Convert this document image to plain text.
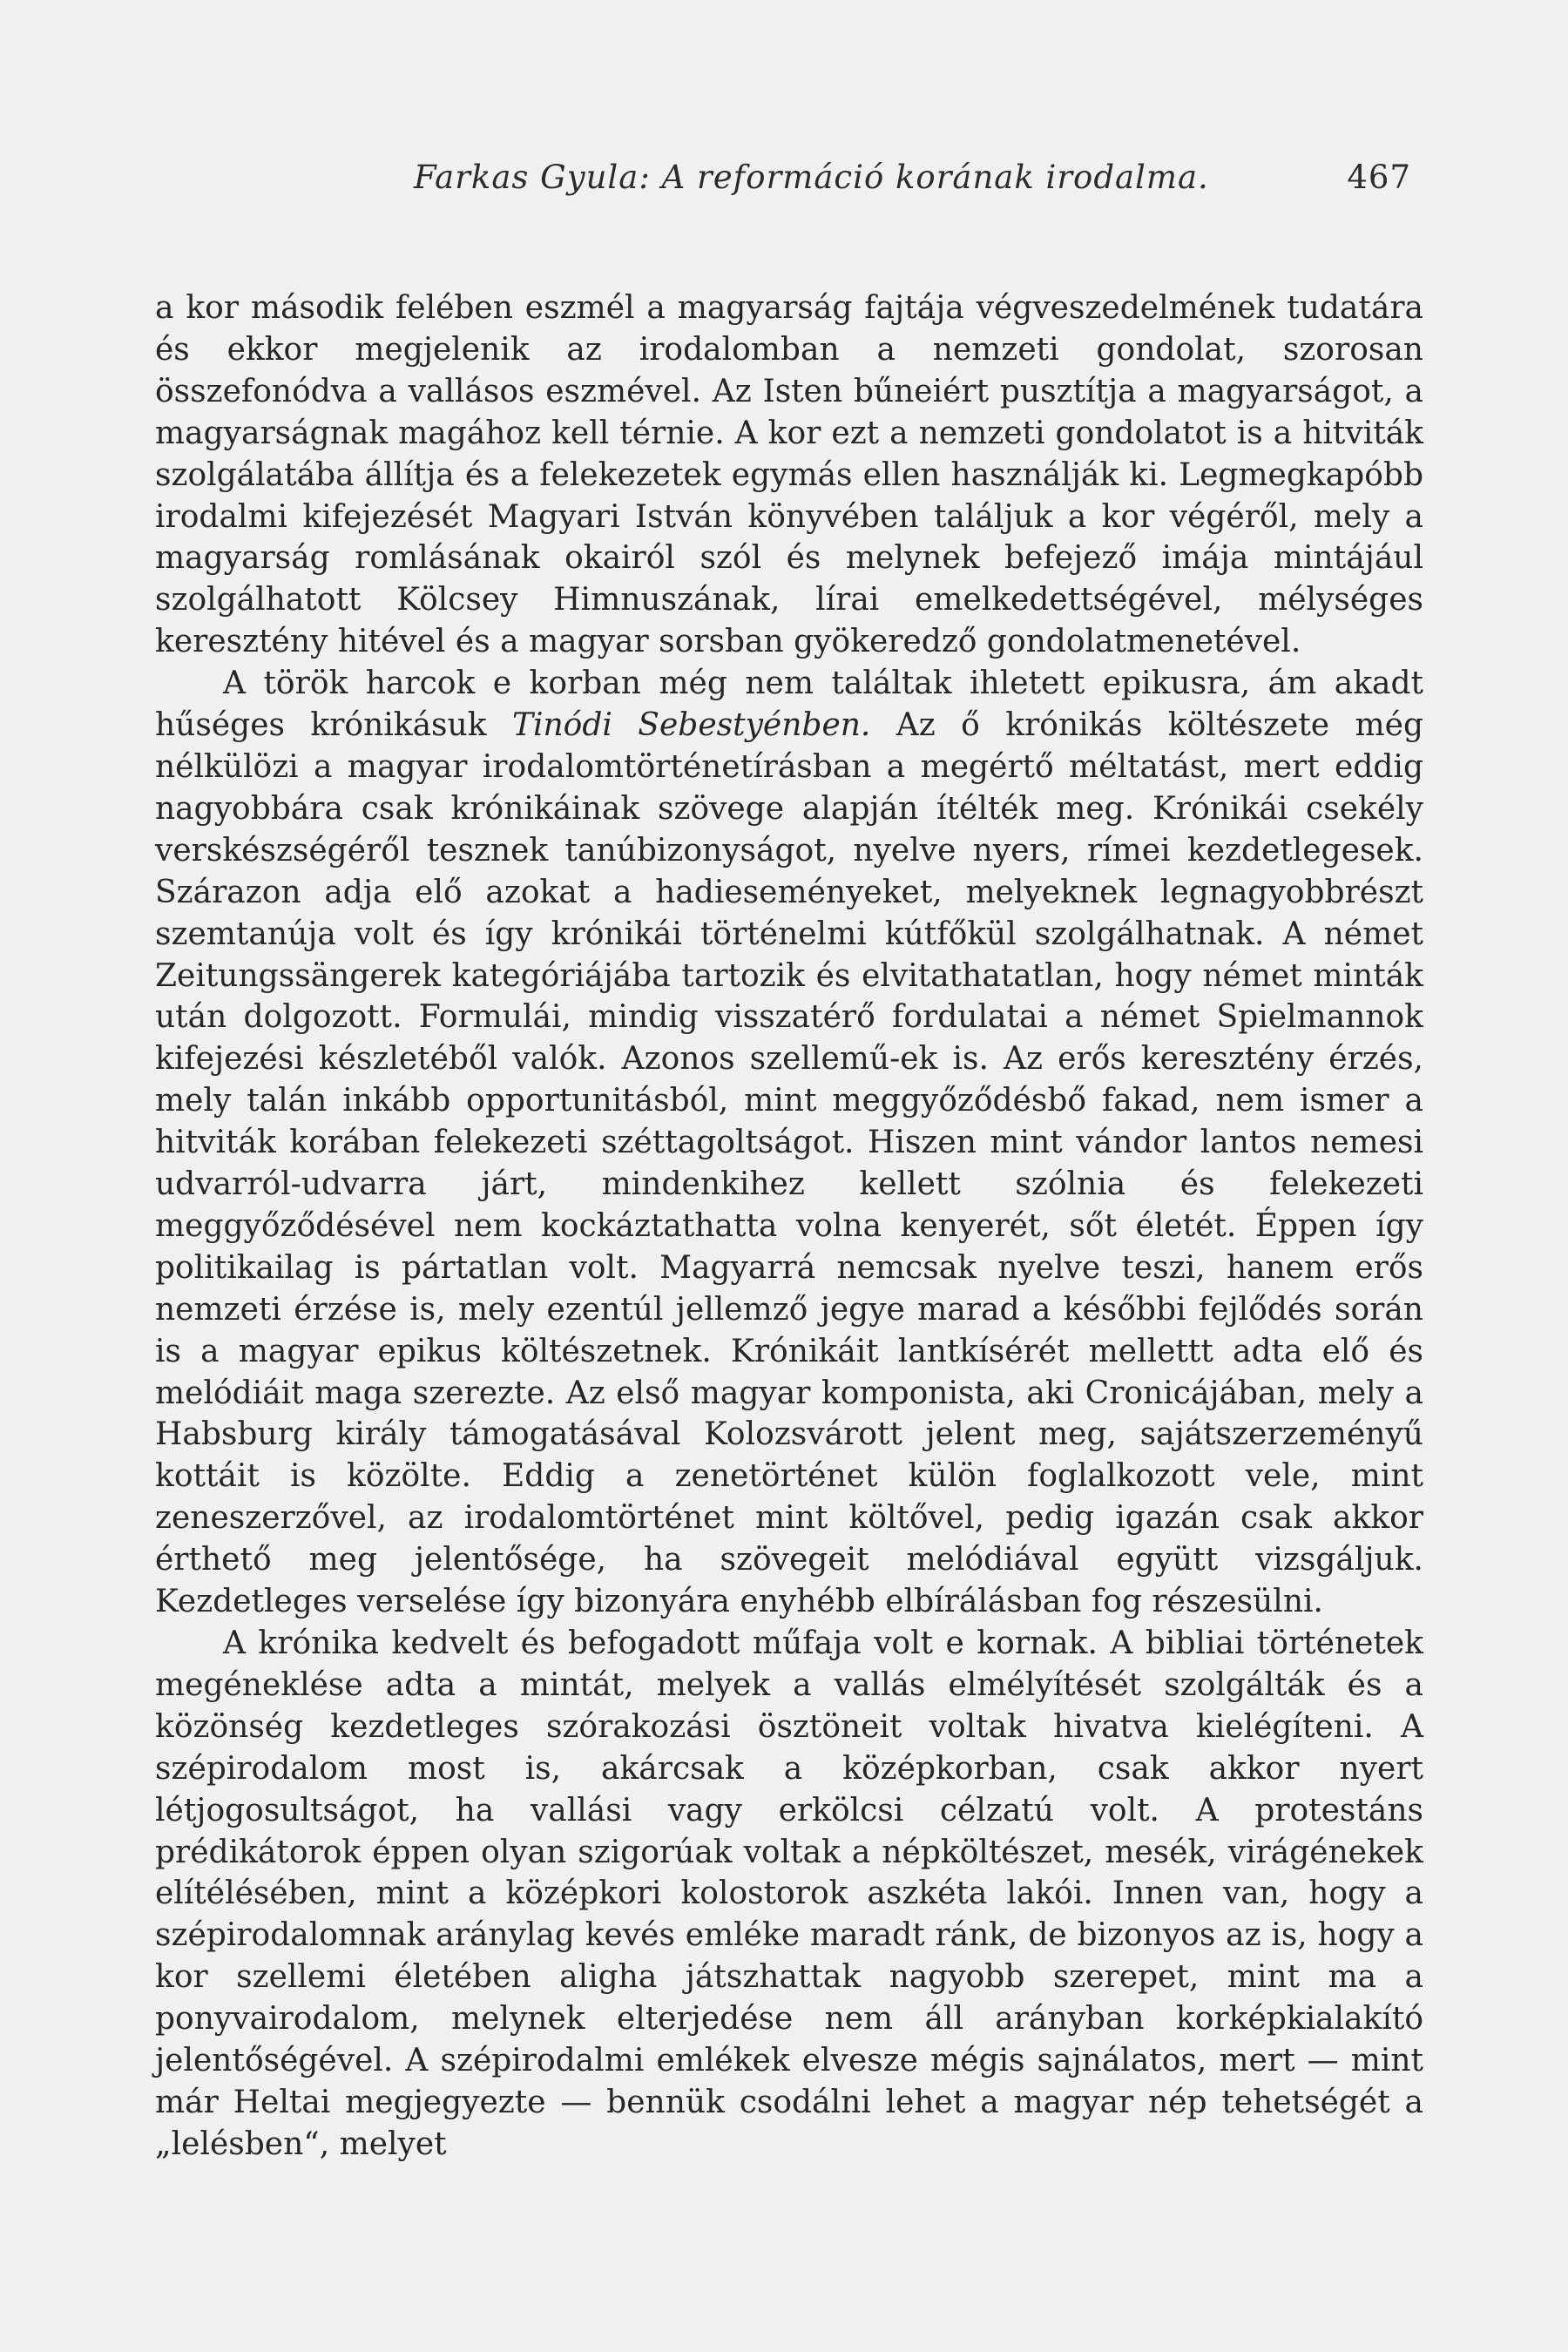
Farkas Gyula: A reformáció korának irodalma.	467

a kor második felében eszmél a magyarság fajtája végveszedelmének tudatára és ekkor megjelenik az irodalomban a nemzeti gondolat, szorosan összefonódva a vallásos eszmével. Az Isten bűneiért pusztítja a magyarságot, a magyarságnak magához kell térnie. A kor ezt a nemzeti gondolatot is a hitviták szolgálatába állítja és a felekezetek egymás ellen használják ki. Legmegkapóbb irodalmi kifejezését Magyari István könyvében találjuk a kor végéről, mely a magyarság romlásának okairól szól és melynek befejező imája mintájául szolgálhatott Kölcsey Himnuszának, lírai emelkedettségével, mélységes keresztény hitével és a magyar sorsban gyökeredző gondolatmenetével.

A török harcok e korban még nem találtak ihletett epikusra, ám akadt hűséges krónikásuk Tinódi Sebestyénben. Az ő krónikás költészete még nélkülözi a magyar irodalomtörténetírásban a megértő méltatást, mert eddig nagyobbára csak krónikáinak szövege alapján ítélték meg. Krónikái csekély verskészségéről tesznek tanúbizonyságot, nyelve nyers, rímei kezdetlegesek. Szárazon adja elő azokat a hadieseményeket, melyeknek legnagyobbrészt szemtanúja volt és így krónikái történelmi kútfőkül szolgálhatnak. A német Zeitungssängerek kategóriájába tartozik és elvitathatatlan, hogy német minták után dolgozott. Formulái, mindig visszatérő fordulatai a német Spielmannok kifejezési készletéből valók. Azonos szellemű-ek is. Az erős keresztény érzés, mely talán inkább opportunitásból, mint meggyőződésbő fakad, nem ismer a hitviták korában felekezeti széttagoltságot. Hiszen mint vándor lantos nemesi udvarról-udvarra járt, mindenkihez kellett szólnia és felekezeti meggyőződésével nem kockáztathatta volna kenyerét, sőt életét. Éppen így politikailag is pártatlan volt. Magyarrá nemcsak nyelve teszi, hanem erős nemzeti érzése is, mely ezentúl jellemző jegye marad a későbbi fejlődés során is a magyar epikus költészetnek. Krónikáit lantkísérét mellettt adta elő és melódiáit maga szerezte. Az első magyar komponista, aki Cronicájában, mely a Habsburg király támogatásával Kolozsvárott jelent meg, sajátszerzeményű kottáit is közölte. Eddig a zenetörténet külön foglalkozott vele, mint zeneszerzővel, az irodalomtörténet mint költővel, pedig igazán csak akkor érthető meg jelentősége, ha szövegeit melódiával együtt vizsgáljuk. Kezdetleges verselése így bizonyára enyhébb elbírálásban fog részesülni.

A krónika kedvelt és befogadott műfaja volt e kornak. A bibliai történetek megéneklése adta a mintát, melyek a vallás elmélyítését szolgálták és a közönség kezdetleges szórakozási ösztöneit voltak hivatva kielégíteni. A szépirodalom most is, akárcsak a középkorban, csak akkor nyert létjogosultságot, ha vallási vagy erkölcsi célzatú volt. A protestáns prédikátorok éppen olyan szigorúak voltak a népköltészet, mesék, virágénekek elítélésében, mint a középkori kolostorok aszkéta lakói. Innen van, hogy a szépirodalomnak aránylag kevés emléke maradt ránk, de bizonyos az is, hogy a kor szellemi életében aligha játszhattak nagyobb szerepet, mint ma a ponyvairodalom, melynek elterjedése nem áll arányban korképkialakító jelentőségével. A szépirodalmi emlékek elvesze mégis sajnálatos, mert — mint már Heltai megjegyezte — bennük csodálni lehet a magyar nép tehetségét a „lelésben“, melyet
